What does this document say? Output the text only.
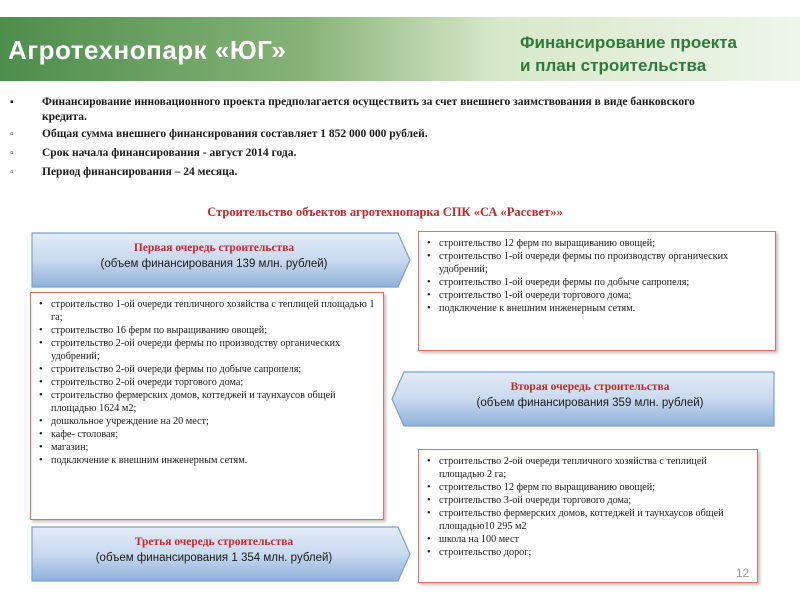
Агротехнопарк «ЮГ»	Финансирование проекта
и план строительства
▪ Финансирование инновационного проекта предполагается осуществить за счет внешнего заимствования в виде банковского кредита.
▫ Общая сумма внешнего финансирования составляет 1 852 000 000 рублей.
▫ Срок начала финансирования - август 2014 года.
▫ Период финансирования – 24 месяца.
Строительство объектов агротехнопарка СПК «СА «Рассвет»»
Первая очередь строительства
(объем финансирования 139 млн. рублей)
• строительство 12 ферм по выращиванию овощей;
• строительство 1-ой очереди фермы по производству органических удобрений;
• строительство 1-ой очереди фермы по добыче сапропеля;
• строительство 1-ой очереди торгового дома;
• подключение к внешним инженерным сетям.
• строительство 1-ой очереди тепличного хозяйства с теплицей площадью 1 га;
• строительство 16 ферм по выращиванию овощей;
• строительство 2-ой очереди фермы по производству органических удобрений;
• строительство 2-ой очереди фермы по добыче сапропеля;
• строительство 2-ой очереди торгового дома;
• строительство фермерских домов, коттеджей и таунхаусов общей площадью 1624 м2;
• дошкольное учреждение на 20 мест;
• кафе- столовая;
• магазин;
• подключение к внешним инженерным сетям.
Вторая очередь строительства
(объем финансирования 359 млн. рублей)
• строительство 2-ой очереди тепличного хозяйства с теплицей площадью 2 га;
• строительство 12 ферм по выращиванию овощей;
• строительство 3-ой очереди торгового дома;
• строительство фермерских домов, коттеджей и таунхаусов общей площадью10 295 м2
• школа на 100 мест
• строительство дорог;
Третья очередь строительства
(объем финансирования 1 354 млн. рублей)
12
